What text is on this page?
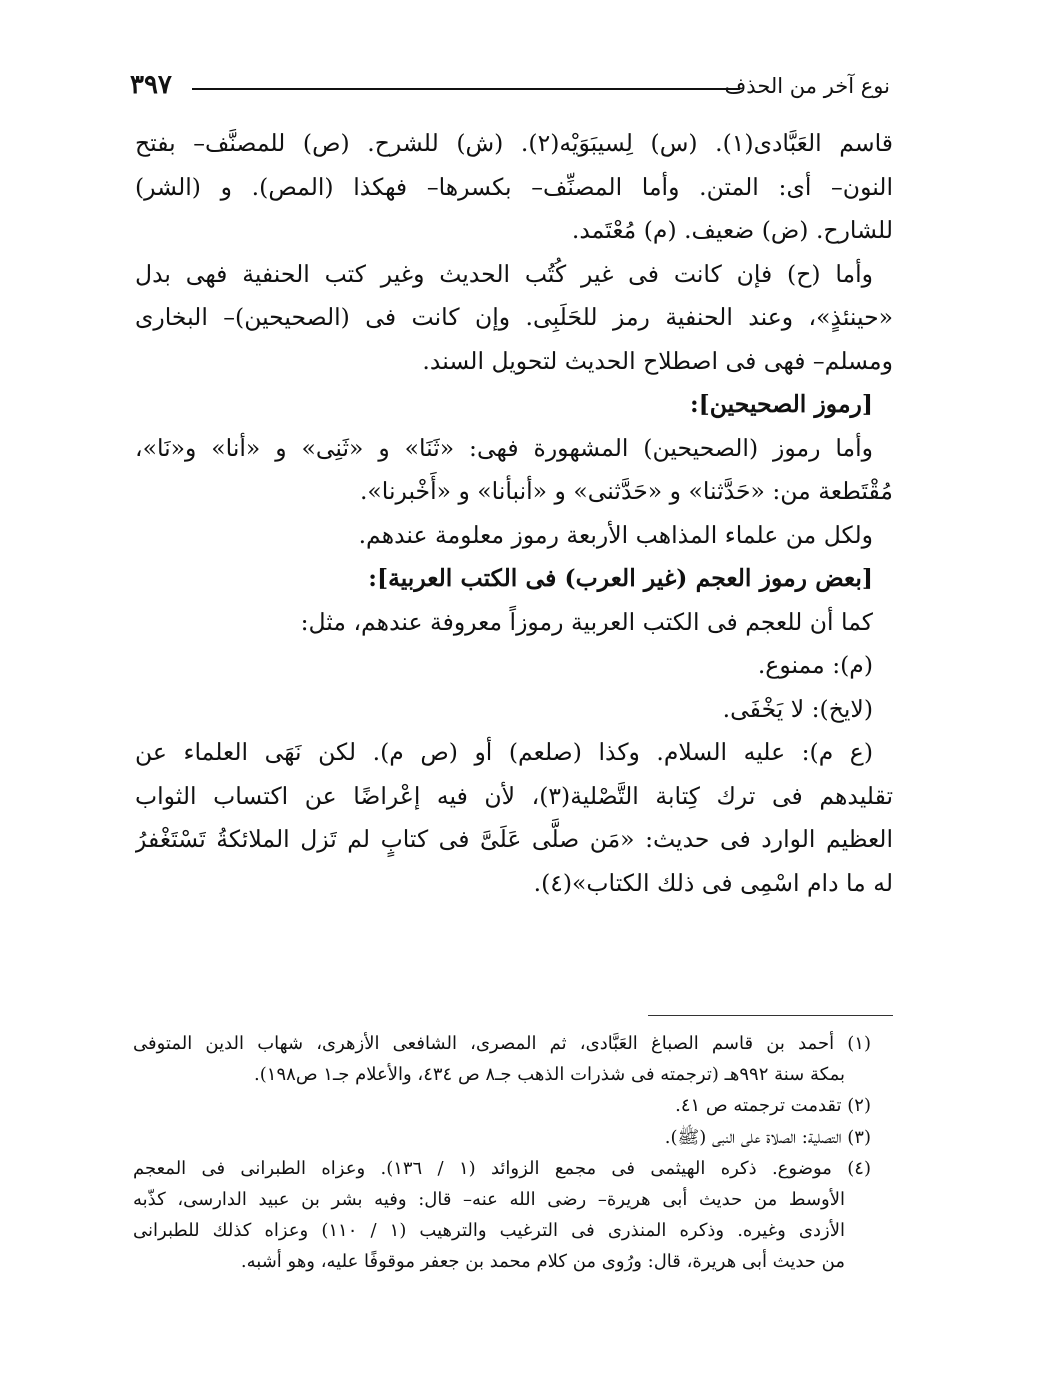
نوع آخر من الحذف
٣٩٧
قاسم العَبَّادى(١). (س) لِسيبَوَيْه(٢). (ش) للشرح. (ص) للمصنَّف– بفتح
النون– أى: المتن. وأما المصنِّف– بكسرها– فهكذا (المص). و (الشر)
للشارح. (ض) ضعيف. (م) مُعْتَمد.
وأما (ح) فإن كانت فى غير كُتُب الحديث وغير كتب الحنفية فهى بدل
«حينئذٍ»، وعند الحنفية رمز للحَلَبِى. وإن كانت فى (الصحيحين)– البخارى
ومسلم– فهى فى اصطلاح الحديث لتحويل السند.
[رموز الصحيحين]:
وأما رموز (الصحيحين) المشهورة فهى: «ثَنَا» و «ثَنِى» و «أنا» و«نَا»،
مُقْتَطعة من: «حَدَّثنا» و «حَدَّثنى» و «أنبأنا» و «أَخْبرنا».
ولكل من علماء المذاهب الأربعة رموز معلومة عندهم.
[بعض رموز العجم (غير العرب) فى الكتب العربية]:
كما أن للعجم فى الكتب العربية رموزاً معروفة عندهم، مثل:
(م): ممنوع.
(لايخ): لا يَخْفَى.
(ع م): عليه السلام. وكذا (صلعم) أو (ص م). لكن نَهَى العلماء عن
تقليدهم فى ترك كِتابة التَّصْلية(٣)، لأن فيه إعْراضًا عن اكتساب الثواب
العظيم الوارد فى حديث: «مَن صلَّى عَلَىَّ فى كتابٍ لم تَزل الملائكةُ تَسْتَغْفرُ
له ما دام اسْمِى فى ذلك الكتاب»(٤).
(١) أحمد بن قاسم الصباغ العَبَّادى، ثم المصرى، الشافعى الأزهرى، شهاب الدين المتوفى
بمكة سنة ٩٩٢هـ (ترجمته فى شذرات الذهب جـ٨ ص ٤٣٤، والأعلام جـ١ ص١٩٨).
(٢) تقدمت ترجمته ص ٤١.
(٣) التصلية: الصلاة على النبى (ﷺ).
(٤) موضوع. ذكره الهيثمى فى مجمع الزوائد (١ / ١٣٦). وعزاه الطبرانى فى المعجم
الأوسط من حديث أبى هريرة– رضى الله عنه– قال: وفيه بشر بن عبيد الدارسى، كذّبه
الأزدى وغيره. وذكره المنذرى فى الترغيب والترهيب (١ / ١١٠) وعزاه كذلك للطبرانى
من حديث أبى هريرة، قال: ورُوى من كلام محمد بن جعفر موقوفًا عليه، وهو أشبه.
